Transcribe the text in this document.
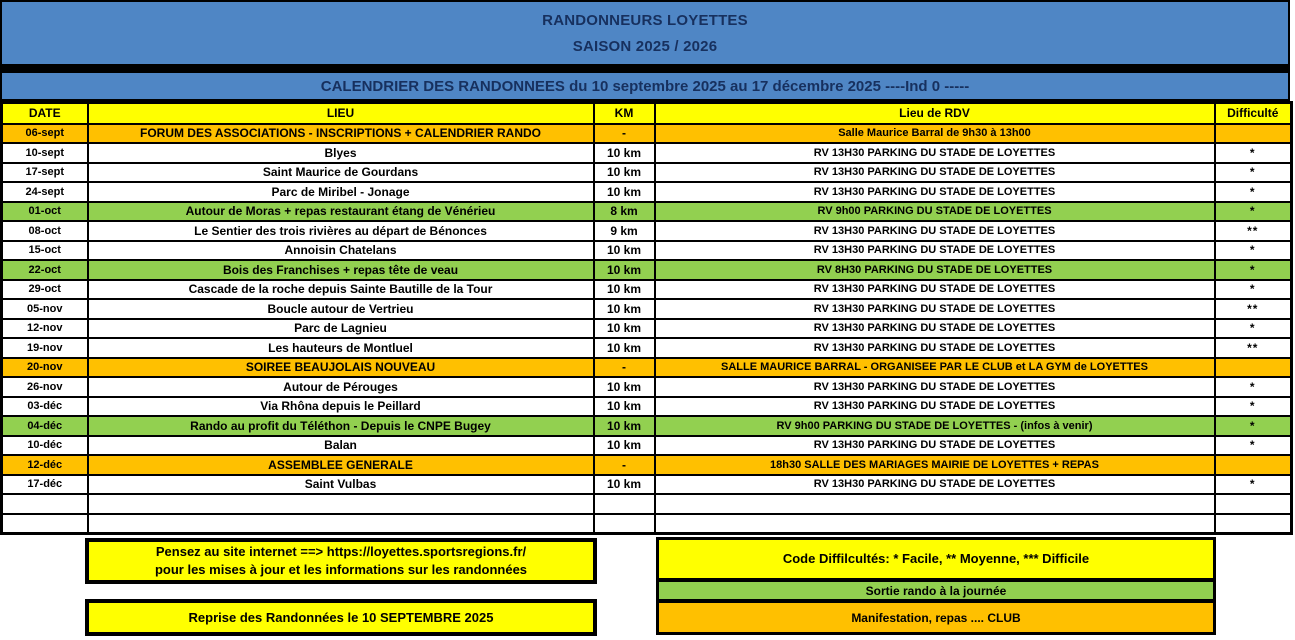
RANDONNEURS LOYETTES
SAISON 2025 / 2026
CALENDRIER DES RANDONNEES du 10 septembre 2025 au 17 décembre 2025 ----Ind 0 -----
DATE	LIEU	KM	Lieu de RDV	Difficulté
06-sept	FORUM DES ASSOCIATIONS - INSCRIPTIONS + CALENDRIER RANDO	-	Salle Maurice Barral de 9h30 à 13h00	
10-sept	Blyes	10 km	RV 13H30 PARKING DU STADE DE LOYETTES	*
17-sept	Saint Maurice de Gourdans	10 km	RV 13H30 PARKING DU STADE DE LOYETTES	*
24-sept	Parc de Miribel - Jonage	10 km	RV 13H30 PARKING DU STADE DE LOYETTES	*
01-oct	Autour de Moras + repas restaurant étang de Vénérieu	8 km	RV 9h00 PARKING DU STADE DE LOYETTES	*
08-oct	Le Sentier des trois rivières au départ de Bénonces	9 km	RV 13H30 PARKING DU STADE DE LOYETTES	**
15-oct	Annoisin Chatelans	10 km	RV 13H30 PARKING DU STADE DE LOYETTES	*
22-oct	Bois des Franchises + repas tête de veau	10 km	RV 8H30 PARKING DU STADE DE LOYETTES	*
29-oct	Cascade de la roche depuis Sainte Bautille de la Tour	10 km	RV 13H30 PARKING DU STADE DE LOYETTES	*
05-nov	Boucle autour de Vertrieu	10 km	RV 13H30 PARKING DU STADE DE LOYETTES	**
12-nov	Parc de Lagnieu	10 km	RV 13H30 PARKING DU STADE DE LOYETTES	*
19-nov	Les hauteurs de Montluel	10 km	RV 13H30 PARKING DU STADE DE LOYETTES	**
20-nov	SOIREE BEAUJOLAIS NOUVEAU	-	SALLE MAURICE BARRAL - ORGANISEE PAR LE CLUB et LA GYM de LOYETTES	
26-nov	Autour de Pérouges	10 km	RV 13H30 PARKING DU STADE DE LOYETTES	*
03-déc	Via Rhôna depuis le Peillard	10 km	RV 13H30 PARKING DU STADE DE LOYETTES	*
04-déc	Rando au profit du Téléthon - Depuis le CNPE Bugey	10 km	RV 9h00 PARKING DU STADE DE LOYETTES - (infos à venir)	*
10-déc	Balan	10 km	RV 13H30 PARKING DU STADE DE LOYETTES	*
12-déc	ASSEMBLEE GENERALE	-	18h30 SALLE DES MARIAGES MAIRIE DE LOYETTES + REPAS	
17-déc	Saint Vulbas	10 km	RV 13H30 PARKING DU STADE DE LOYETTES	*

Pensez au site internet ==> https://loyettes.sportsregions.fr/
pour les mises à jour et les informations sur les randonnées
Reprise des Randonnées le 10 SEPTEMBRE 2025
Code Diffilcultés: * Facile, ** Moyenne, *** Difficile
Sortie rando à la journée
Manifestation, repas .... CLUB
